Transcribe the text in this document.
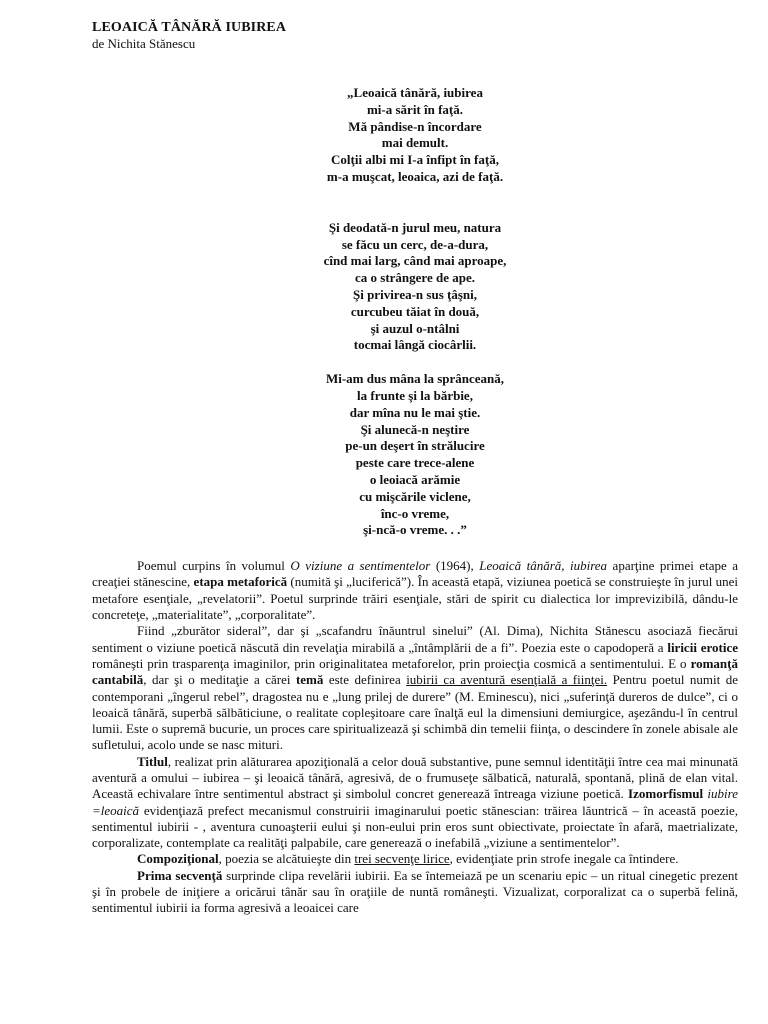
LEOAICĂ TÂNĂRĂ IUBIREA
de Nichita Stănescu
„Leoaică tânără, iubirea
mi-a sărit în faţă.
Mă pândise-n încordare
mai demult.
Colţii albi mi I-a înfipt în faţă,
m-a muşcat, leoaica, azi de faţă.
Şi deodată-n jurul meu, natura
se făcu un cerc, de-a-dura,
cînd mai larg, când mai aproape,
ca o strângere de ape.
Şi privirea-n sus ţâşni,
curcubeu tăiat în două,
şi auzul o-ntâlni
tocmai lângă ciocârlii.
Mi-am dus mâna la sprânceană,
la frunte şi la bărbie,
dar mîna nu le mai ştie.
Şi alunecă-n neştire
pe-un deşert în strălucire
peste care trece-alene
o leoiacă arămie
cu mişcările viclene,
înc-o vreme,
şi-ncă-o vreme. . .”

Poemul curpins în volumul O viziune a sentimentelor (1964), Leoaică tânără, iubirea aparţine primei etape a creaţiei stănescine, etapa metaforică (numită şi „luciferică”). În această etapă, viziunea poetică se construieşte în jurul unei metafore esenţiale, „revelatorii”. Poetul surprinde trăiri esenţiale, stări de spirit cu dialectica lor imprevizibilă, dându-le concreteţe, „materialitate”, „corporalitate”.

Fiind „zburător sideral”, dar şi „scafandru înăuntrul sinelui” (Al. Dima), Nichita Stănescu asociază fiecărui sentiment o viziune poetică născută din revelaţia mirabilă a „întâmplării de a fi”. Poezia este o capodoperă a liricii erotice româneşti prin trasparenţa imaginilor, prin originalitatea metaforelor, prin proiecţia cosmică a sentimentului. E o romanţă cantabilă, dar şi o meditaţie a cărei temă este definirea iubirii ca aventură esenţială a fiinţei. Pentru poetul numit de contemporani „îngerul rebel”, dragostea nu e „lung prilej de durere” (M. Eminescu), nici „suferinţă dureros de dulce”, ci o leoaică tânără, superbă sălbăticiune, o realitate copleşitoare care înalţă eul la dimensiuni demiurgice, aşezându-l în centrul lumii. Este o supremă bucurie, un proces care spiritualizează şi schimbă din temelii fiinţa, o descindere în zonele abisale ale sufletului, acolo unde se nasc mituri.

Titlul, realizat prin alăturarea apoziţională a celor două substantive, pune semnul identităţii între cea mai minunată aventură a omului – iubirea – şi leoaică tânără, agresivă, de o frumuseţe sălbatică, naturală, spontană, plină de elan vital. Această echivalare între sentimentul abstract şi simbolul concret generează întreaga viziune poetică. Izomorfismul iubire =leoaică evidenţiază prefect mecanismul construirii imaginarului poetic stănescian: trăirea lăuntrică – în această poezie, sentimentul iubirii - , aventura cunoaşterii eului şi non-eului prin eros sunt obiectivate, proiectate în afară, maetrializate, corporalizate, contemplate ca realităţi palpabile, care generează o inefabilă „viziune a sentimentelor”.

Compoziţional, poezia se alcătuieşte din trei secvenţe lirice, evidenţiate prin strofe inegale ca întindere.

Prima secvenţă surprinde clipa revelării iubirii. Ea se întemeiază pe un scenariu epic – un ritual cinegetic prezent şi în probele de iniţiere a oricărui tânăr sau în oraţiile de nuntă româneşti. Vizualizat, corporalizat ca o superbă felină, sentimentul iubirii ia forma agresivă a leoaicei care
